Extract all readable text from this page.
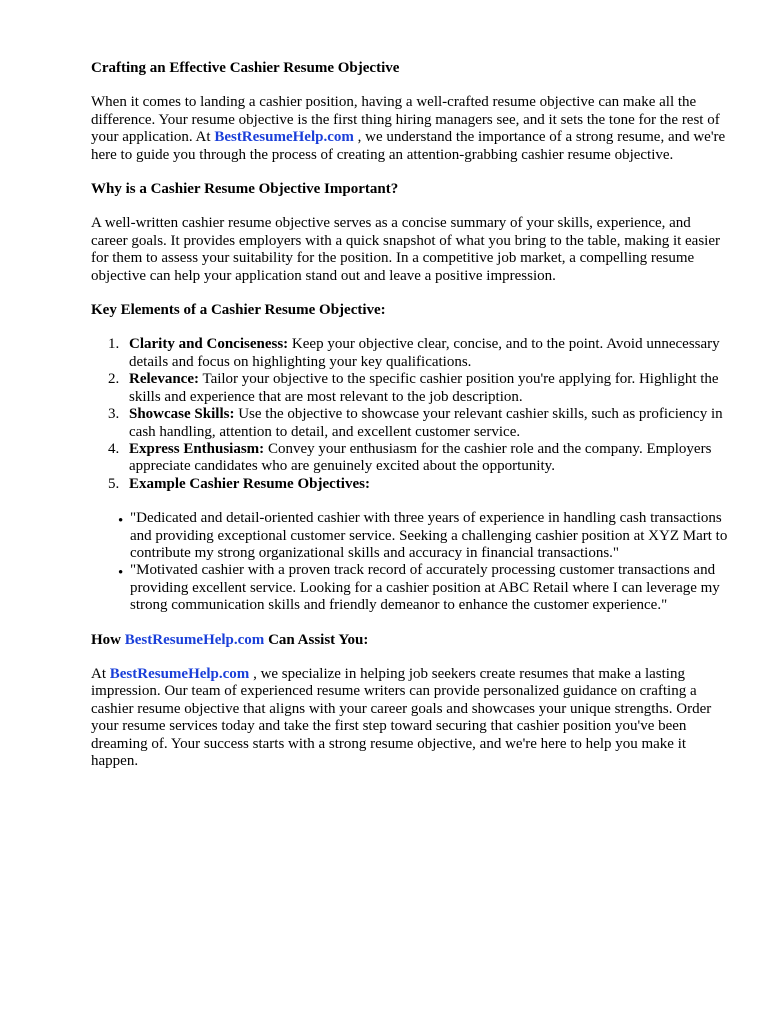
Crafting an Effective Cashier Resume Objective

When it comes to landing a cashier position, having a well-crafted resume objective can make all the difference. Your resume objective is the first thing hiring managers see, and it sets the tone for the rest of your application. At BestResumeHelp.com , we understand the importance of a strong resume, and we're here to guide you through the process of creating an attention-grabbing cashier resume objective.

Why is a Cashier Resume Objective Important?

A well-written cashier resume objective serves as a concise summary of your skills, experience, and career goals. It provides employers with a quick snapshot of what you bring to the table, making it easier for them to assess your suitability for the position. In a competitive job market, a compelling resume objective can help your application stand out and leave a positive impression.

Key Elements of a Cashier Resume Objective:

1. Clarity and Conciseness: Keep your objective clear, concise, and to the point. Avoid unnecessary details and focus on highlighting your key qualifications.
2. Relevance: Tailor your objective to the specific cashier position you're applying for. Highlight the skills and experience that are most relevant to the job description.
3. Showcase Skills: Use the objective to showcase your relevant cashier skills, such as proficiency in cash handling, attention to detail, and excellent customer service.
4. Express Enthusiasm: Convey your enthusiasm for the cashier role and the company. Employers appreciate candidates who are genuinely excited about the opportunity.
5. Example Cashier Resume Objectives:
• "Dedicated and detail-oriented cashier with three years of experience in handling cash transactions and providing exceptional customer service. Seeking a challenging cashier position at XYZ Mart to contribute my strong organizational skills and accuracy in financial transactions."
• "Motivated cashier with a proven track record of accurately processing customer transactions and providing excellent service. Looking for a cashier position at ABC Retail where I can leverage my strong communication skills and friendly demeanor to enhance the customer experience."

How BestResumeHelp.com Can Assist You:

At BestResumeHelp.com , we specialize in helping job seekers create resumes that make a lasting impression. Our team of experienced resume writers can provide personalized guidance on crafting a cashier resume objective that aligns with your career goals and showcases your unique strengths. Order your resume services today and take the first step toward securing that cashier position you've been dreaming of. Your success starts with a strong resume objective, and we're here to help you make it happen.
